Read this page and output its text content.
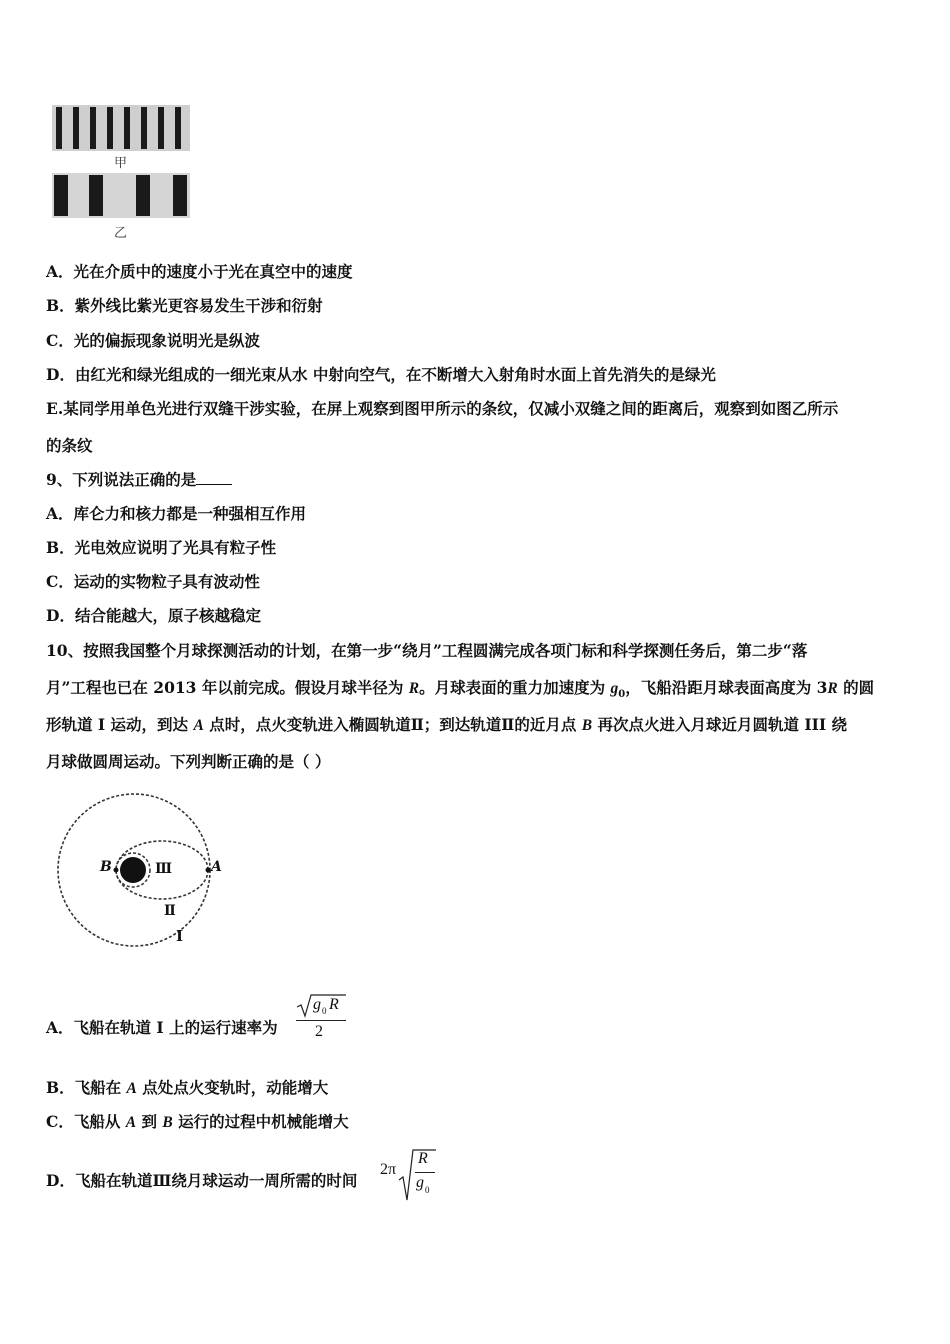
甲
乙
A．光在介质中的速度小于光在真空中的速度
B．紫外线比紫光更容易发生干涉和衍射
C．光的偏振现象说明光是纵波
D．由红光和绿光组成的一细光束从水 中射向空气，在不断增大入射角时水面上首先消失的是绿光
E.某同学用单色光进行双缝干涉实验，在屏上观察到图甲所示的条纹，仅减小双缝之间的距离后，观察到如图乙所示
的条纹
9、下列说法正确的是
A．库仑力和核力都是一种强相互作用
B．光电效应说明了光具有粒子性
C．运动的实物粒子具有波动性
D．结合能越大，原子核越稳定
10、按照我国整个月球探测活动的计划，在第一步“绕月”工程圆满完成各项门标和科学探测任务后，第二步“落
月”工程也已在 2013 年以前完成。假设月球半径为 R。月球表面的重力加速度为 $g_0$，飞船沿距月球表面高度为 3R 的圆
形轨道 I 运动，到达 A 点时，点火变轨进入椭圆轨道Ⅱ；到达轨道Ⅱ的近月点 B 再次点火进入月球近月圆轨道 III 绕
月球做圆周运动。下列判断正确的是（ ）
B	A
Ⅲ
Ⅱ
Ⅰ
A．飞船在轨道 I 上的运行速率为
g 0 R
2
B．飞船在 A 点处点火变轨时，动能增大
C．飞船从 A 到 B 运行的过程中机械能增大
D．飞船在轨道Ⅲ绕月球运动一周所需的时间
2π
R
g 0
